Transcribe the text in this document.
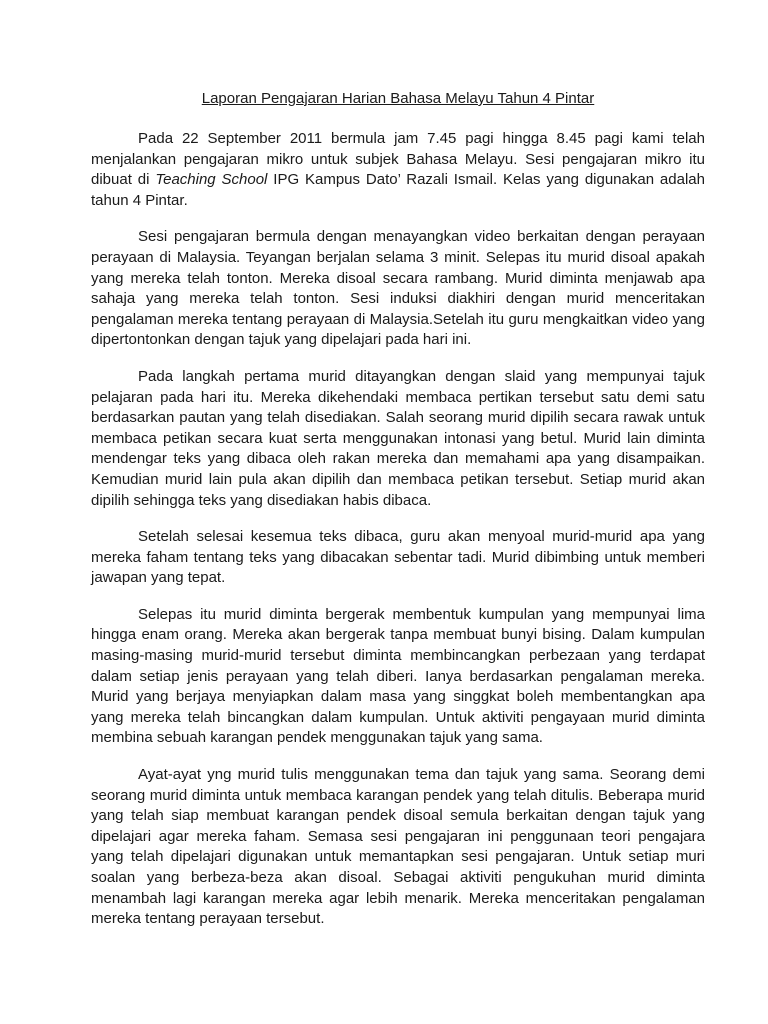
Laporan Pengajaran Harian Bahasa Melayu Tahun 4 Pintar

Pada 22 September 2011 bermula jam 7.45 pagi hingga 8.45 pagi kami telah menjalankan pengajaran mikro untuk subjek Bahasa Melayu. Sesi pengajaran mikro itu dibuat di Teaching School IPG Kampus Dato’ Razali Ismail. Kelas yang digunakan adalah tahun 4 Pintar.

Sesi pengajaran bermula dengan menayangkan video berkaitan dengan perayaan perayaan di Malaysia. Teyangan berjalan selama 3 minit. Selepas itu murid disoal apakah yang mereka telah tonton. Mereka disoal secara rambang. Murid diminta menjawab apa sahaja yang mereka telah tonton. Sesi induksi diakhiri dengan murid menceritakan pengalaman mereka tentang perayaan di Malaysia.Setelah itu guru mengkaitkan video yang dipertontonkan dengan tajuk yang dipelajari pada hari ini.

Pada langkah pertama murid ditayangkan dengan slaid yang mempunyai tajuk pelajaran pada hari itu. Mereka dikehendaki membaca pertikan tersebut satu demi satu berdasarkan pautan yang telah disediakan. Salah seorang murid dipilih secara rawak untuk membaca petikan secara kuat serta menggunakan intonasi yang betul. Murid lain diminta mendengar teks yang dibaca oleh rakan mereka dan memahami apa yang disampaikan. Kemudian murid lain pula akan dipilih dan membaca petikan tersebut. Setiap murid akan dipilih sehingga teks yang disediakan habis dibaca.

Setelah selesai kesemua teks dibaca, guru akan menyoal murid-murid apa yang mereka faham tentang teks yang dibacakan sebentar tadi. Murid dibimbing untuk memberi jawapan yang tepat.

Selepas itu murid diminta bergerak membentuk kumpulan yang mempunyai lima hingga enam orang. Mereka akan bergerak tanpa membuat bunyi bising. Dalam kumpulan masing-masing murid-murid tersebut diminta membincangkan perbezaan yang terdapat dalam setiap jenis perayaan yang telah diberi. Ianya berdasarkan pengalaman mereka. Murid yang berjaya menyiapkan dalam masa yang singgkat boleh membentangkan apa yang mereka telah bincangkan dalam kumpulan. Untuk aktiviti pengayaan murid diminta membina sebuah karangan pendek menggunakan tajuk yang sama.

Ayat-ayat yng murid tulis menggunakan tema dan tajuk yang sama. Seorang demi seorang murid diminta untuk membaca karangan pendek yang telah ditulis. Beberapa murid yang telah siap membuat karangan pendek disoal semula berkaitan dengan tajuk yang dipelajari agar mereka faham. Semasa sesi pengajaran ini penggunaan teori pengajara yang telah dipelajari digunakan untuk memantapkan sesi pengajaran. Untuk setiap muri soalan yang berbeza-beza akan disoal. Sebagai aktiviti pengukuhan murid diminta menambah lagi karangan mereka agar lebih menarik. Mereka menceritakan pengalaman mereka tentang perayaan tersebut.
